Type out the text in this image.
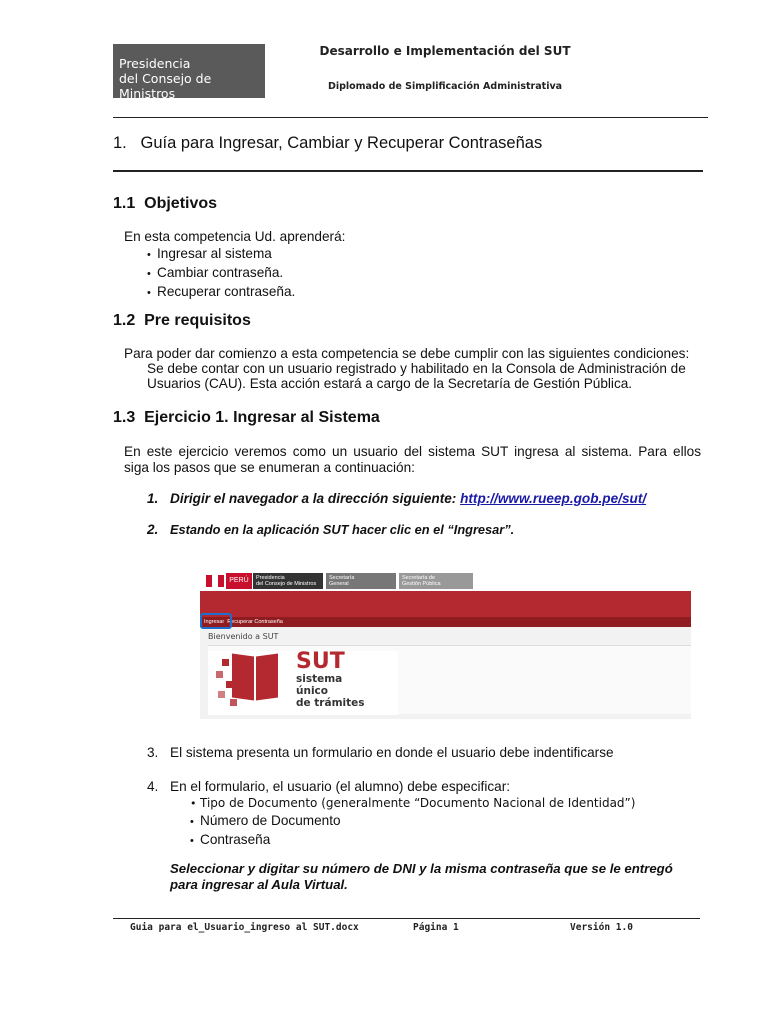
Presidencia
del Consejo de Ministros
Desarrollo e Implementación del SUT
Diplomado de Simplificación Administrativa
1.   Guía para Ingresar, Cambiar y Recuperar Contraseñas
1.1  Objetivos
En esta competencia Ud. aprenderá:
• Ingresar al sistema
• Cambiar contraseña.
• Recuperar contraseña.
1.2  Pre requisitos
Para poder dar comienzo a esta competencia se debe cumplir con las siguientes condiciones:
Se debe contar con un usuario registrado y habilitado en la Consola de Administración de
Usuarios (CAU). Esta acción estará a cargo de la Secretaría de Gestión Pública.
1.3  Ejercicio 1. Ingresar al Sistema
En este ejercicio veremos como un usuario del sistema SUT ingresa al sistema. Para ellos
siga los pasos que se enumeran a continuación:
1. Dirigir el navegador a la dirección siguiente: http://www.rueep.gob.pe/sut/
2. Estando en la aplicación SUT hacer clic en el “Ingresar”.
PERÚ	Presidencia
del Consejo de Ministros
Secretaría
General
Secretaría de
Gestión Pública
Ingresar Recuperar Contraseña
Bienvenido a SUT
SUT
sistema
único
de trámites
3. El sistema presenta un formulario en donde el usuario debe indentificarse
4. En el formulario, el usuario (el alumno) debe especificar:
• Tipo de Documento (generalmente “Documento Nacional de Identidad”)
• Número de Documento
• Contraseña
Seleccionar y digitar su número de DNI y la misma contraseña que se le entregó
para ingresar al Aula Virtual.
Guia para el_Usuario_ingreso al SUT.docx	Página 1	Versión 1.0
